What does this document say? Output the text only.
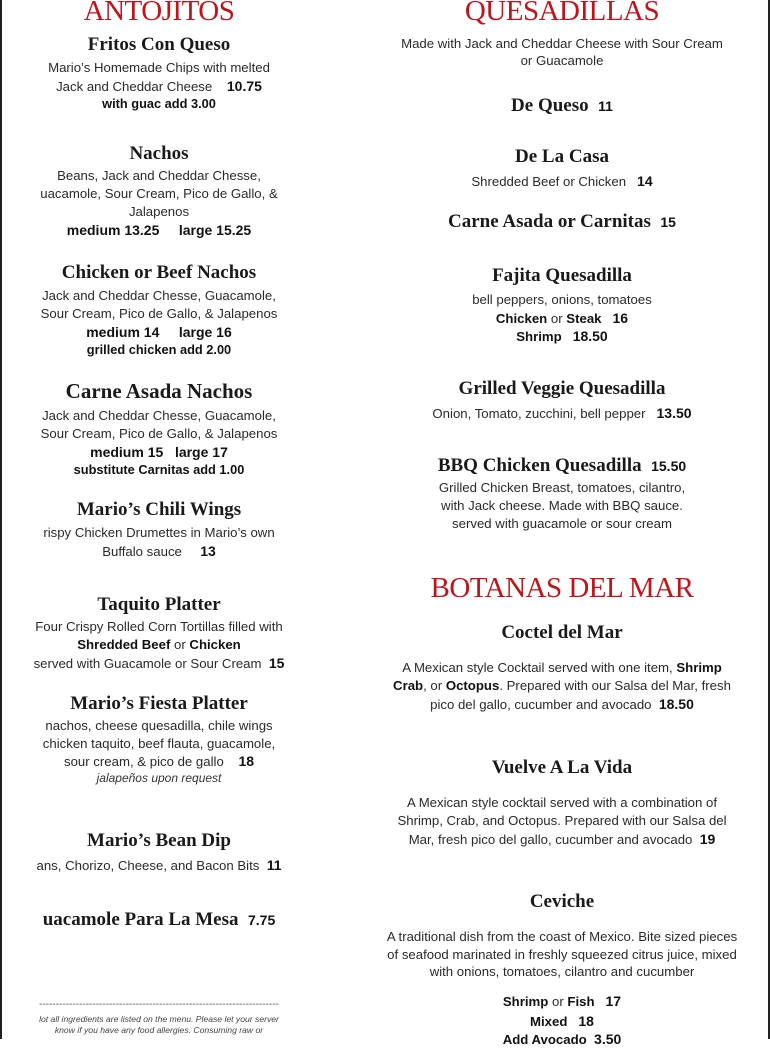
ANTOJITOS
Fritos Con Queso
Mario’s Homemade Chips with melted
Jack and Cheddar Cheese 10.75
with guac add 3.00
Nachos
Beans, Jack and Cheddar Chesse,
uacamole, Sour Cream, Pico de Gallo, &
Jalapenos
medium 13.25 large 15.25
Chicken or Beef Nachos
Jack and Cheddar Chesse, Guacamole,
Sour Cream, Pico de Gallo, & Jalapenos
medium 14 large 16
grilled chicken add 2.00
Carne Asada Nachos
Jack and Cheddar Chesse, Guacamole,
Sour Cream, Pico de Gallo, & Jalapenos
medium 15 large 17
substitute Carnitas add 1.00
Mario’s Chili Wings
rispy Chicken Drumettes in Mario’s own
Buffalo sauce 13
Taquito Platter
Four Crispy Rolled Corn Tortillas filled with
Shredded Beef or Chicken
served with Guacamole or Sour Cream 15
Mario’s Fiesta Platter
nachos, cheese quesadilla, chile wings
chicken taquito, beef flauta, guacamole,
sour cream, & pico de gallo 18
jalapeños upon request
Mario’s Bean Dip
ans, Chorizo, Cheese, and Bacon Bits 11
uacamole Para La Mesa 7.75
------------------------------------------------------------------------
lot all ingredients are listed on the menu. Please let your server
know if you have any food allergies. Consuming raw or
QUESADILLAS
Made with Jack and Cheddar Cheese with Sour Cream
or Guacamole
De Queso 11
De La Casa
Shredded Beef or Chicken 14
Carne Asada or Carnitas 15
Fajita Quesadilla
bell peppers, onions, tomatoes
Chicken or Steak 16
Shrimp 18.50
Grilled Veggie Quesadilla
Onion, Tomato, zucchini, bell pepper 13.50
BBQ Chicken Quesadilla 15.50
Grilled Chicken Breast, tomatoes, cilantro,
with Jack cheese. Made with BBQ sauce.
served with guacamole or sour cream
BOTANAS DEL MAR
Coctel del Mar
A Mexican style Cocktail served with one item, Shrimp
Crab, or Octopus. Prepared with our Salsa del Mar, fresh
pico del gallo, cucumber and avocado 18.50
Vuelve A La Vida
A Mexican style cocktail served with a combination of
Shrimp, Crab, and Octopus. Prepared with our Salsa del
Mar, fresh pico del gallo, cucumber and avocado 19
Ceviche
A traditional dish from the coast of Mexico. Bite sized pieces
of seafood marinated in freshly squeezed citrus juice, mixed
with onions, tomatoes, cilantro and cucumber
Shrimp or Fish 17
Mixed 18
Add Avocado 3.50
